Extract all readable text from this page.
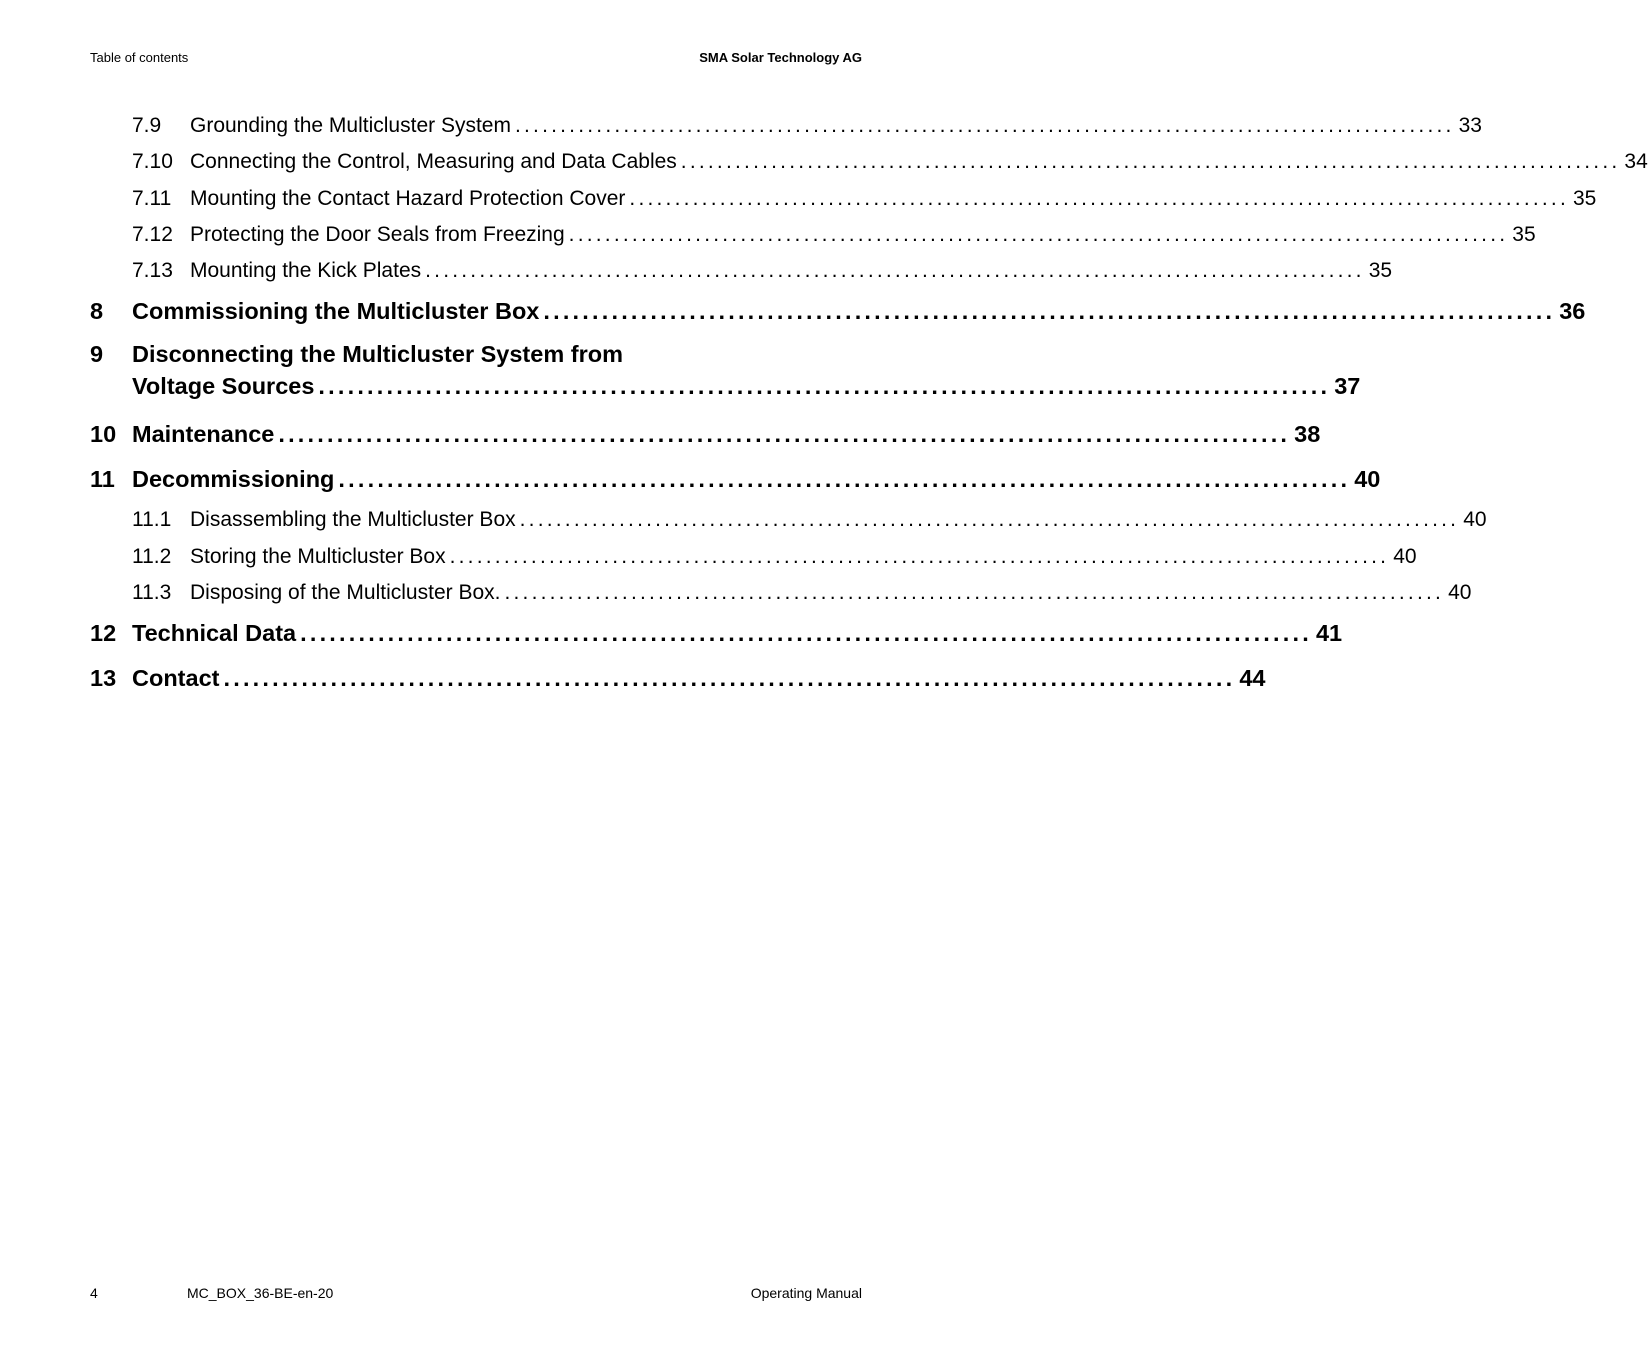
Table of contents	SMA Solar Technology AG
7.9	Grounding the Multicluster System ........................................................................................................ 33
7.10 Connecting the Control, Measuring and Data Cables ........................................................................................................ 34
7.11 Mounting the Contact Hazard Protection Cover ........................................................................................................ 35
7.12 Protecting the Door Seals from Freezing ........................................................................................................ 35
7.13 Mounting the Kick Plates ........................................................................................................ 35
8	Commissioning the Multicluster Box ........................................................................................................ 36
9	Disconnecting the Multicluster System from
Voltage Sources ........................................................................................................ 37
10 Maintenance ........................................................................................................ 38
11 Decommissioning ........................................................................................................ 40
11.1 Disassembling the Multicluster Box ........................................................................................................ 40
11.2 Storing the Multicluster Box ........................................................................................................ 40
11.3 Disposing of the Multicluster Box. ........................................................................................................ 40
12 Technical Data ........................................................................................................ 41
13 Contact ........................................................................................................ 44
4	MC_BOX_36-BE-en-20	Operating Manual
